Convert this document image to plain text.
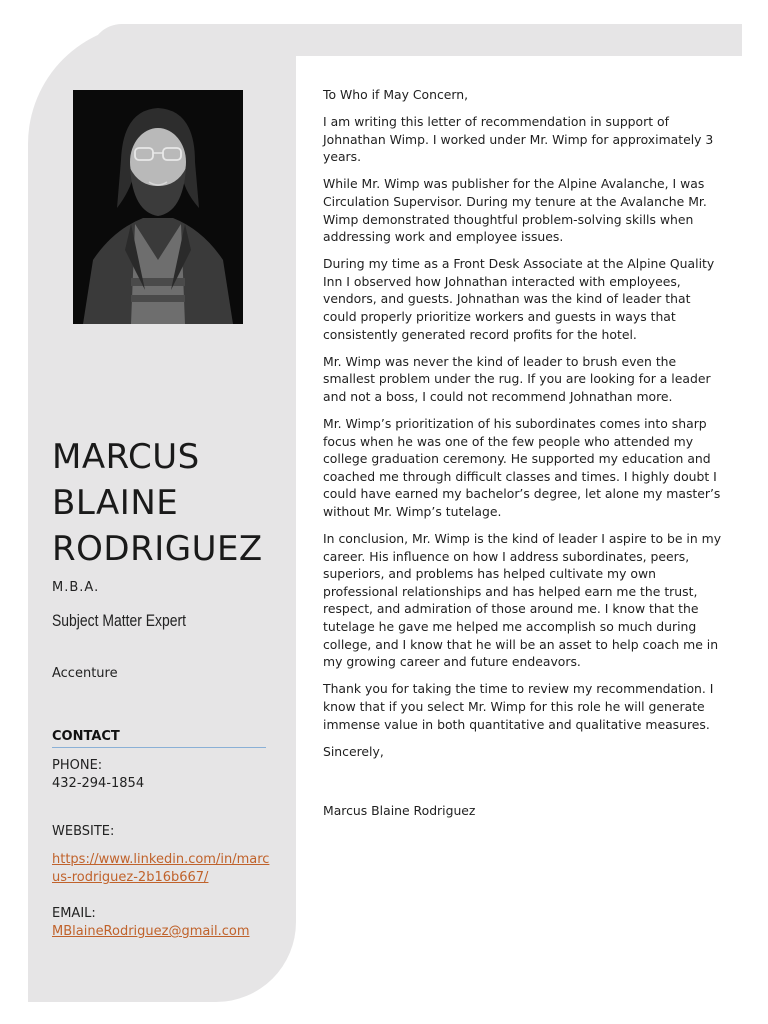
MARCUS
BLAINE
RODRIGUEZ
M.B.A.
Subject Matter Expert
Accenture
CONTACT
PHONE:
432-294-1854
WEBSITE:
https://www.linkedin.com/in/marcus-rodriguez-2b16b667/
EMAIL:
MBlaineRodriguez@gmail.com

To Who if May Concern,

I am writing this letter of recommendation in support of Johnathan Wimp. I worked under Mr. Wimp for approximately 3 years.

While Mr. Wimp was publisher for the Alpine Avalanche, I was Circulation Supervisor. During my tenure at the Avalanche Mr. Wimp demonstrated thoughtful problem-solving skills when addressing work and employee issues.

During my time as a Front Desk Associate at the Alpine Quality Inn I observed how Johnathan interacted with employees, vendors, and guests. Johnathan was the kind of leader that could properly prioritize workers and guests in ways that consistently generated record profits for the hotel.

Mr. Wimp was never the kind of leader to brush even the smallest problem under the rug. If you are looking for a leader and not a boss, I could not recommend Johnathan more.

Mr. Wimp’s prioritization of his subordinates comes into sharp focus when he was one of the few people who attended my college graduation ceremony. He supported my education and coached me through difficult classes and times. I highly doubt I could have earned my bachelor’s degree, let alone my master’s without Mr. Wimp’s tutelage.

In conclusion, Mr. Wimp is the kind of leader I aspire to be in my career. His influence on how I address subordinates, peers, superiors, and problems has helped cultivate my own professional relationships and has helped earn me the trust, respect, and admiration of those around me. I know that the tutelage he gave me helped me accomplish so much during college, and I know that he will be an asset to help coach me in my growing career and future endeavors.

Thank you for taking the time to review my recommendation. I know that if you select Mr. Wimp for this role he will generate immense value in both quantitative and qualitative measures.

Sincerely,

Marcus Blaine Rodriguez
